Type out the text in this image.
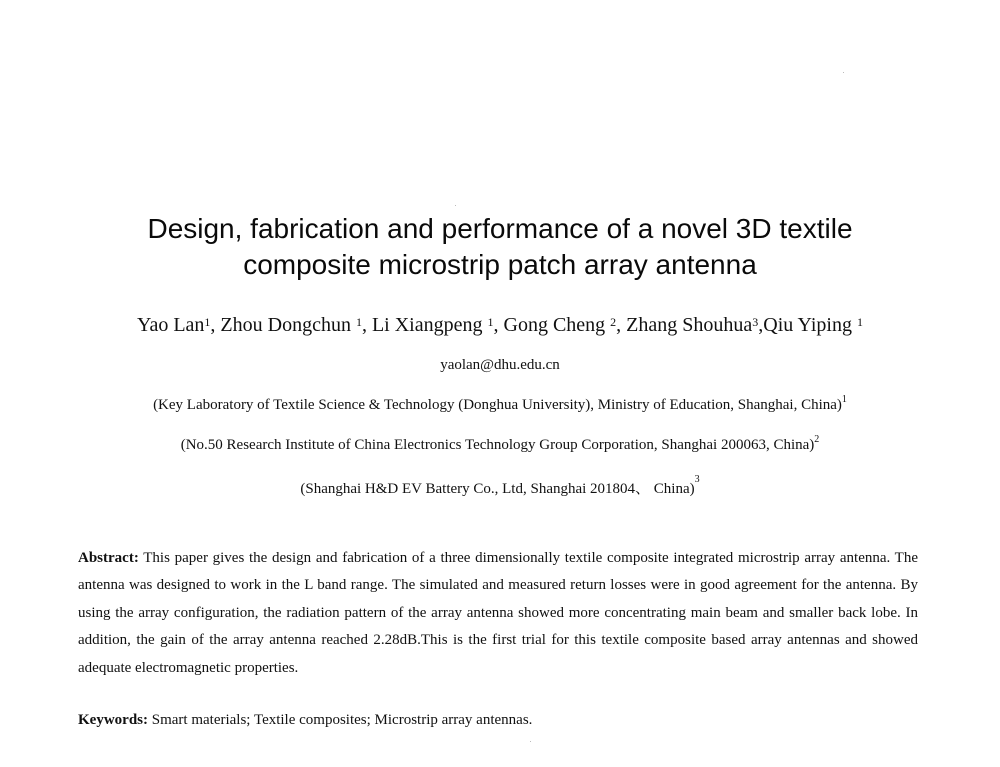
Design, fabrication and performance of a novel 3D textile
composite microstrip patch array antenna
Yao Lan$^1$, Zhou Dongchun $^1$, Li Xiangpeng $^1$, Gong Cheng $^2$, Zhang Shouhua$^3$,Qiu Yiping $^1$
yaolan@dhu.edu.cn
(Key Laboratory of Textile Science & Technology (Donghua University), Ministry of Education, Shanghai, China)$^1$
(No.50 Research Institute of China Electronics Technology Group Corporation, Shanghai 200063, China)$^2$
(Shanghai H&D EV Battery Co., Ltd, Shanghai 201804、 China)$^3$
Abstract: This paper gives the design and fabrication of a three dimensionally textile composite integrated microstrip array antenna. The antenna was designed to work in the L band range. The simulated and measured return losses were in good agreement for the antenna. By using the array configuration, the radiation pattern of the array antenna showed more concentrating main beam and smaller back lobe. In addition, the gain of the array antenna reached 2.28dB.This is the first trial for this textile composite based array antennas and showed adequate electromagnetic properties.
Keywords: Smart materials; Textile composites; Microstrip array antennas.
